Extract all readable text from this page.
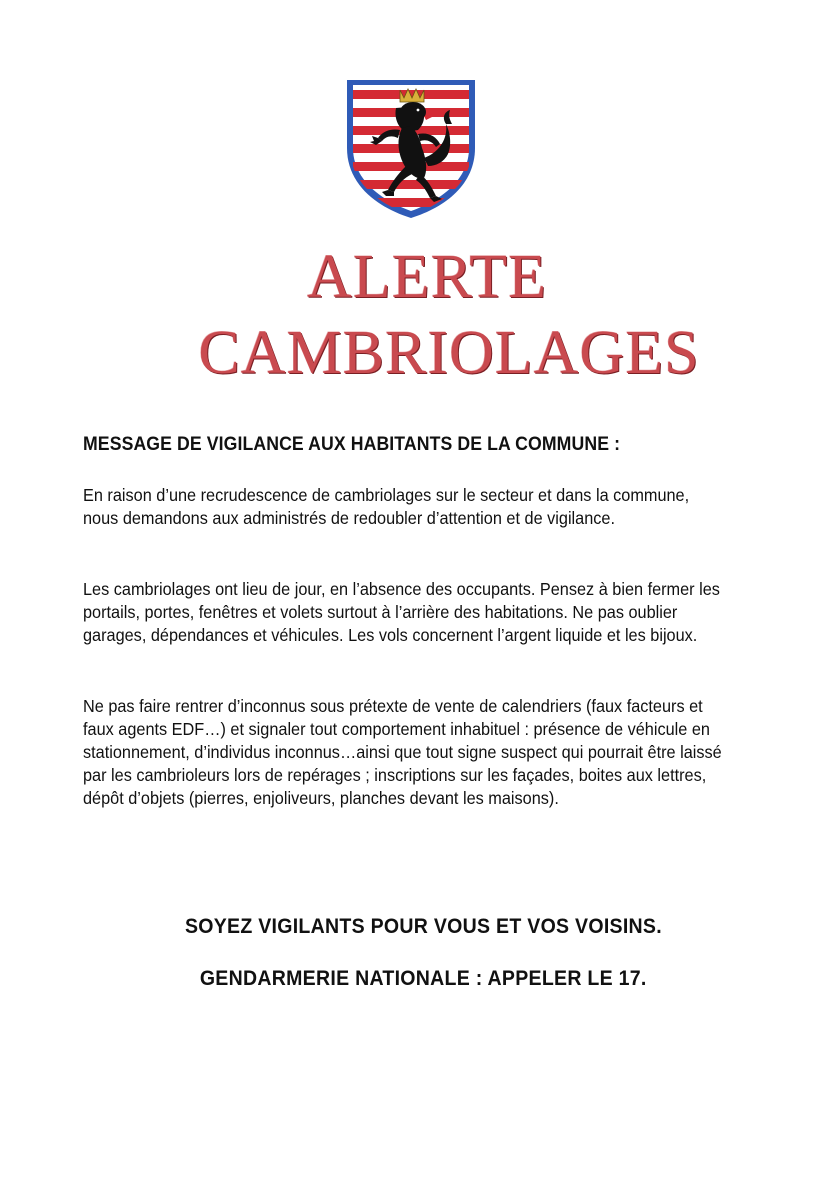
ALERTE
CAMBRIOLAGES
MESSAGE DE VIGILANCE AUX HABITANTS DE LA COMMUNE :

En raison d’une recrudescence de cambriolages sur le secteur et dans la commune, nous demandons aux administrés de redoubler d’attention et de vigilance.

Les cambriolages ont lieu de jour, en l’absence des occupants. Pensez à bien fermer les portails, portes, fenêtres et volets surtout à l’arrière des habitations. Ne pas oublier garages, dépendances et véhicules. Les vols concernent l’argent liquide et les bijoux.

Ne pas faire rentrer d’inconnus sous prétexte de vente de calendriers (faux facteurs et faux agents EDF…) et signaler tout comportement inhabituel : présence de véhicule en stationnement, d’individus inconnus…ainsi que tout signe suspect qui pourrait être laissé par les cambrioleurs lors de repérages ; inscriptions sur les façades, boites aux lettres, dépôt d’objets (pierres, enjoliveurs, planches devant les maisons).

SOYEZ VIGILANTS POUR VOUS ET VOS VOISINS.

GENDARMERIE NATIONALE : APPELER LE 17.
